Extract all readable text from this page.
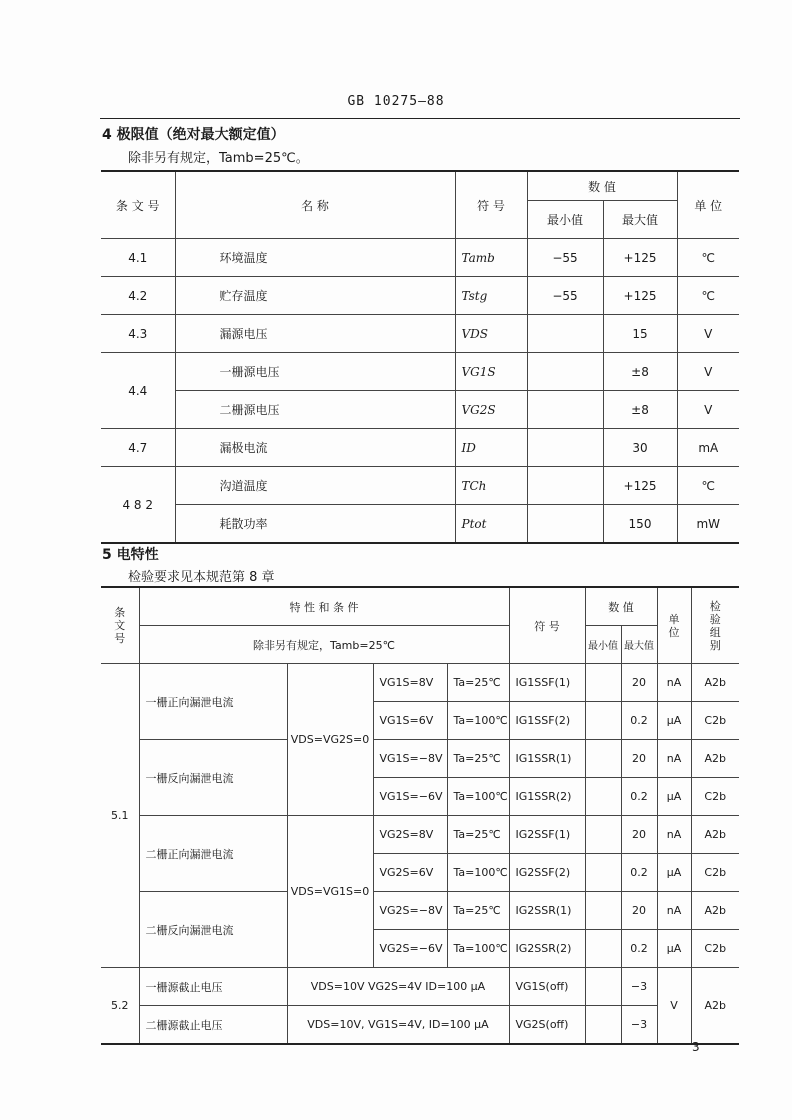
GB 10275—88
4 极限值（绝对最大额定值）
除非另有规定，Tamb=25℃。
条 文 号	名 称	符 号	数 值		单 位
			最小值	最大值	
4.1	环境温度	Tamb	−55	+125	℃
4.2	贮存温度	Tstg	−55	+125	℃
4.3	漏源电压	VDS		15	V
4.4	一栅源电压	VG1S		±8	V
	二栅源电压	VG2S		±8	V
4.7	漏极电流	ID		30	mA
4 8 2	沟道温度	TCh		+125	℃
	耗散功率	Ptot		150	mW
5 电特性
检验要求见本规范第 8 章
条文号	特 性 和 条 件				符 号	数 值		单 位	检验组别
	除非另有规定，Tamb=25℃					最小值	最大值		
5.1	一栅正向漏泄电流	VDS=VG2S=0	VG1S=8V	Ta=25℃	IG1SSF(1)		20	nA	A2b
			VG1S=6V	Ta=100℃	IG1SSF(2)		0.2	μA	C2b
	一栅反向漏泄电流		VG1S=−8V	Ta=25℃	IG1SSR(1)		20	nA	A2b
			VG1S=−6V	Ta=100℃	IG1SSR(2)		0.2	μA	C2b
	二栅正向漏泄电流	VDS=VG1S=0	VG2S=8V	Ta=25℃	IG2SSF(1)		20	nA	A2b
			VG2S=6V	Ta=100℃	IG2SSF(2)		0.2	μA	C2b
	二栅反向漏泄电流		VG2S=−8V	Ta=25℃	IG2SSR(1)		20	nA	A2b
			VG2S=−6V	Ta=100℃	IG2SSR(2)		0.2	μA	C2b
5.2	一栅源截止电压	VDS=10V VG2S=4V ID=100 μA			VG1S(off)		−3	V	A2b
	二栅源截止电压	VDS=10V, VG1S=4V, ID=100 μA			VG2S(off)		−3		
3
